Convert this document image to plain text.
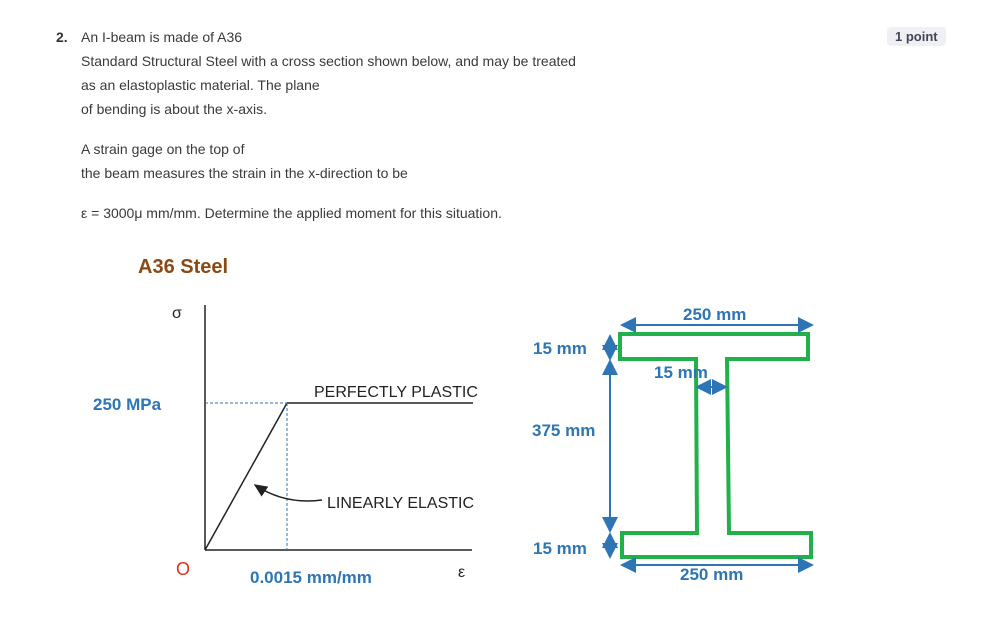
2.	1 point
An I-beam is made of A36
Standard Structural Steel with a cross section shown below, and may be treated
as an elastoplastic material. The plane
of bending is about the x-axis.
A strain gage on the top of
the beam measures the strain in the x-direction to be
ε = 3000μ mm/mm. Determine the applied moment for this situation.
A36 Steel
σ
O	ε
250 MPa
0.0015 mm/mm
PERFECTLY PLASTIC
LINEARLY ELASTIC
250 mm
250 mm
15 mm
375 mm
15 mm
15 mm
